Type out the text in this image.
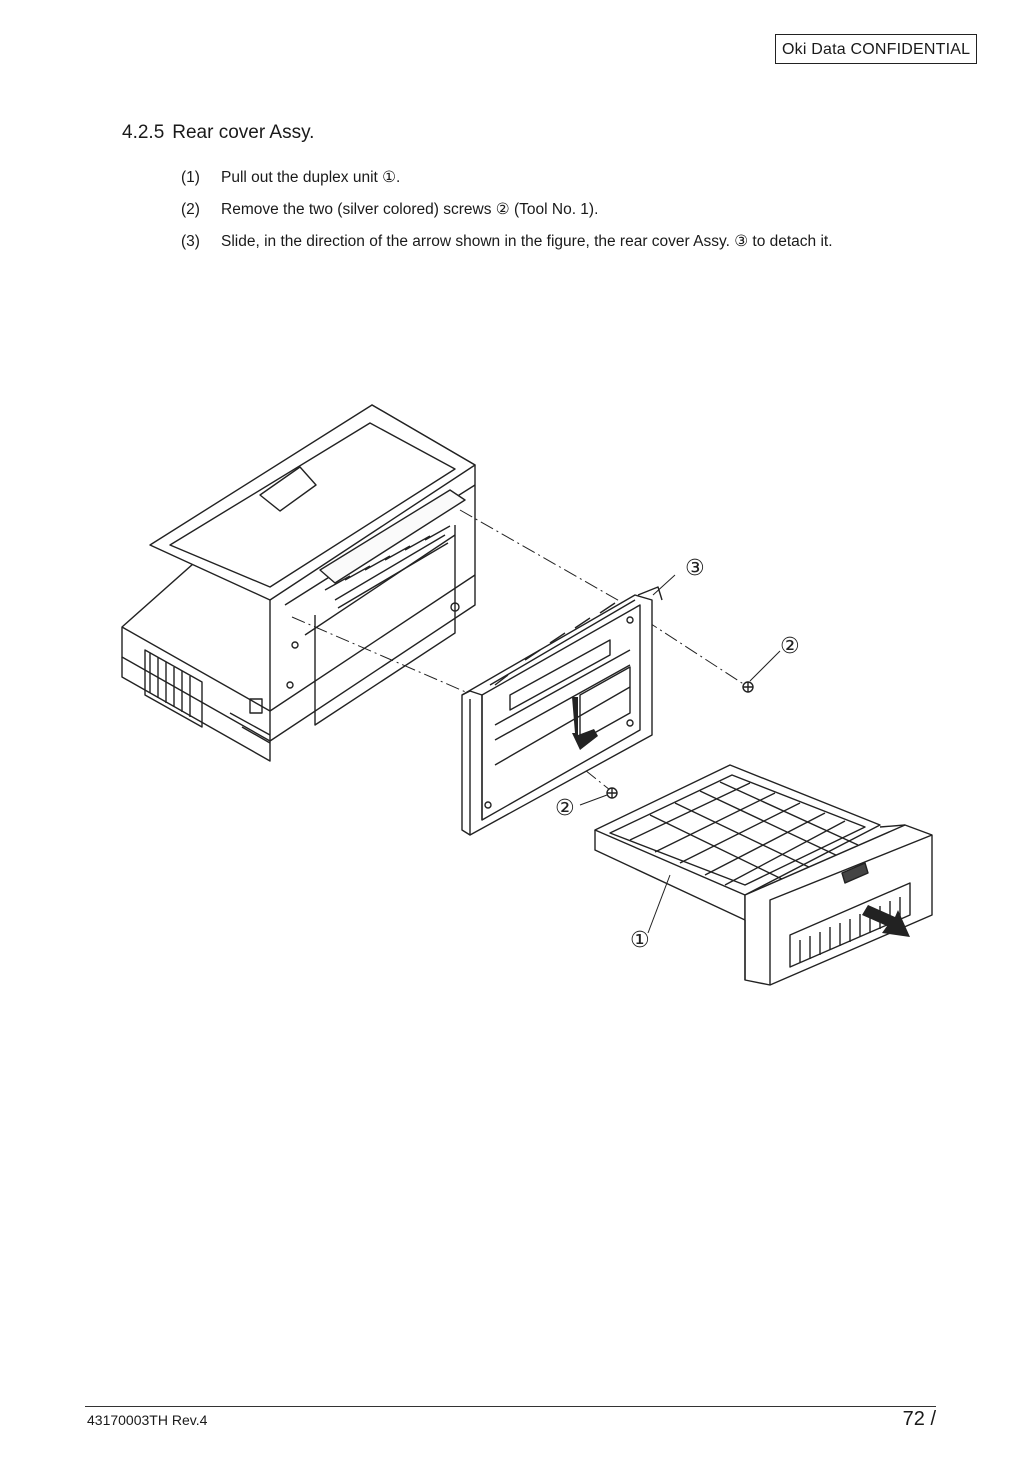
Oki Data CONFIDENTIAL
4.2.5 Rear cover Assy.
(1) Pull out the duplex unit ①.
(2) Remove the two (silver colored) screws ② (Tool No. 1).
(3) Slide, in the direction of the arrow shown in the figure, the rear cover Assy. ③ to detach it.
③
②
②
①
43170003TH Rev.4	72 /
